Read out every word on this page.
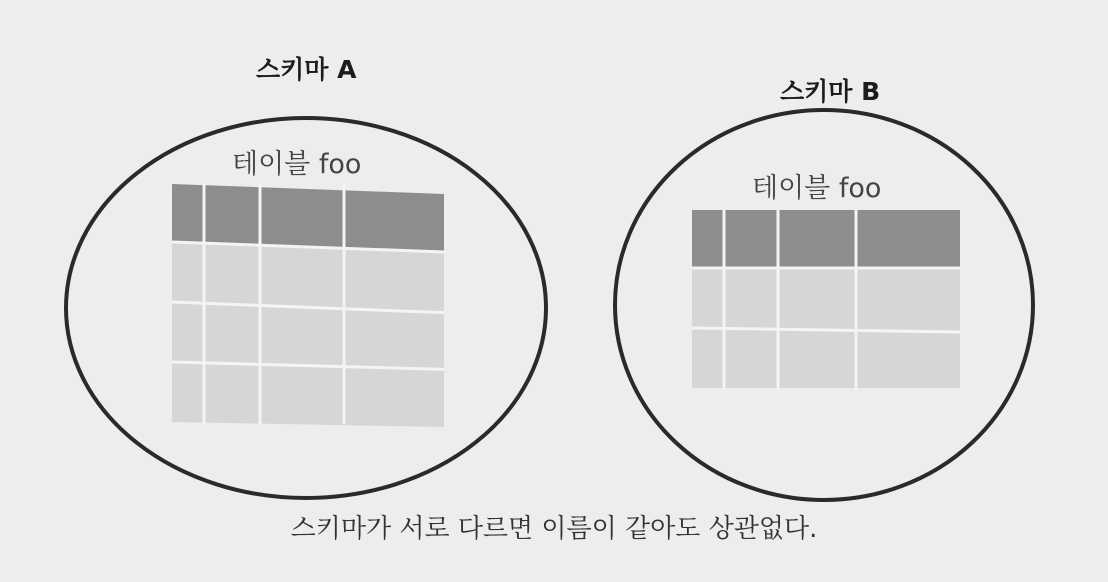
스키마 A
테이블 foo
스키마 B
테이블 foo
스키마가 서로 다르면 이름이 같아도 상관없다.
